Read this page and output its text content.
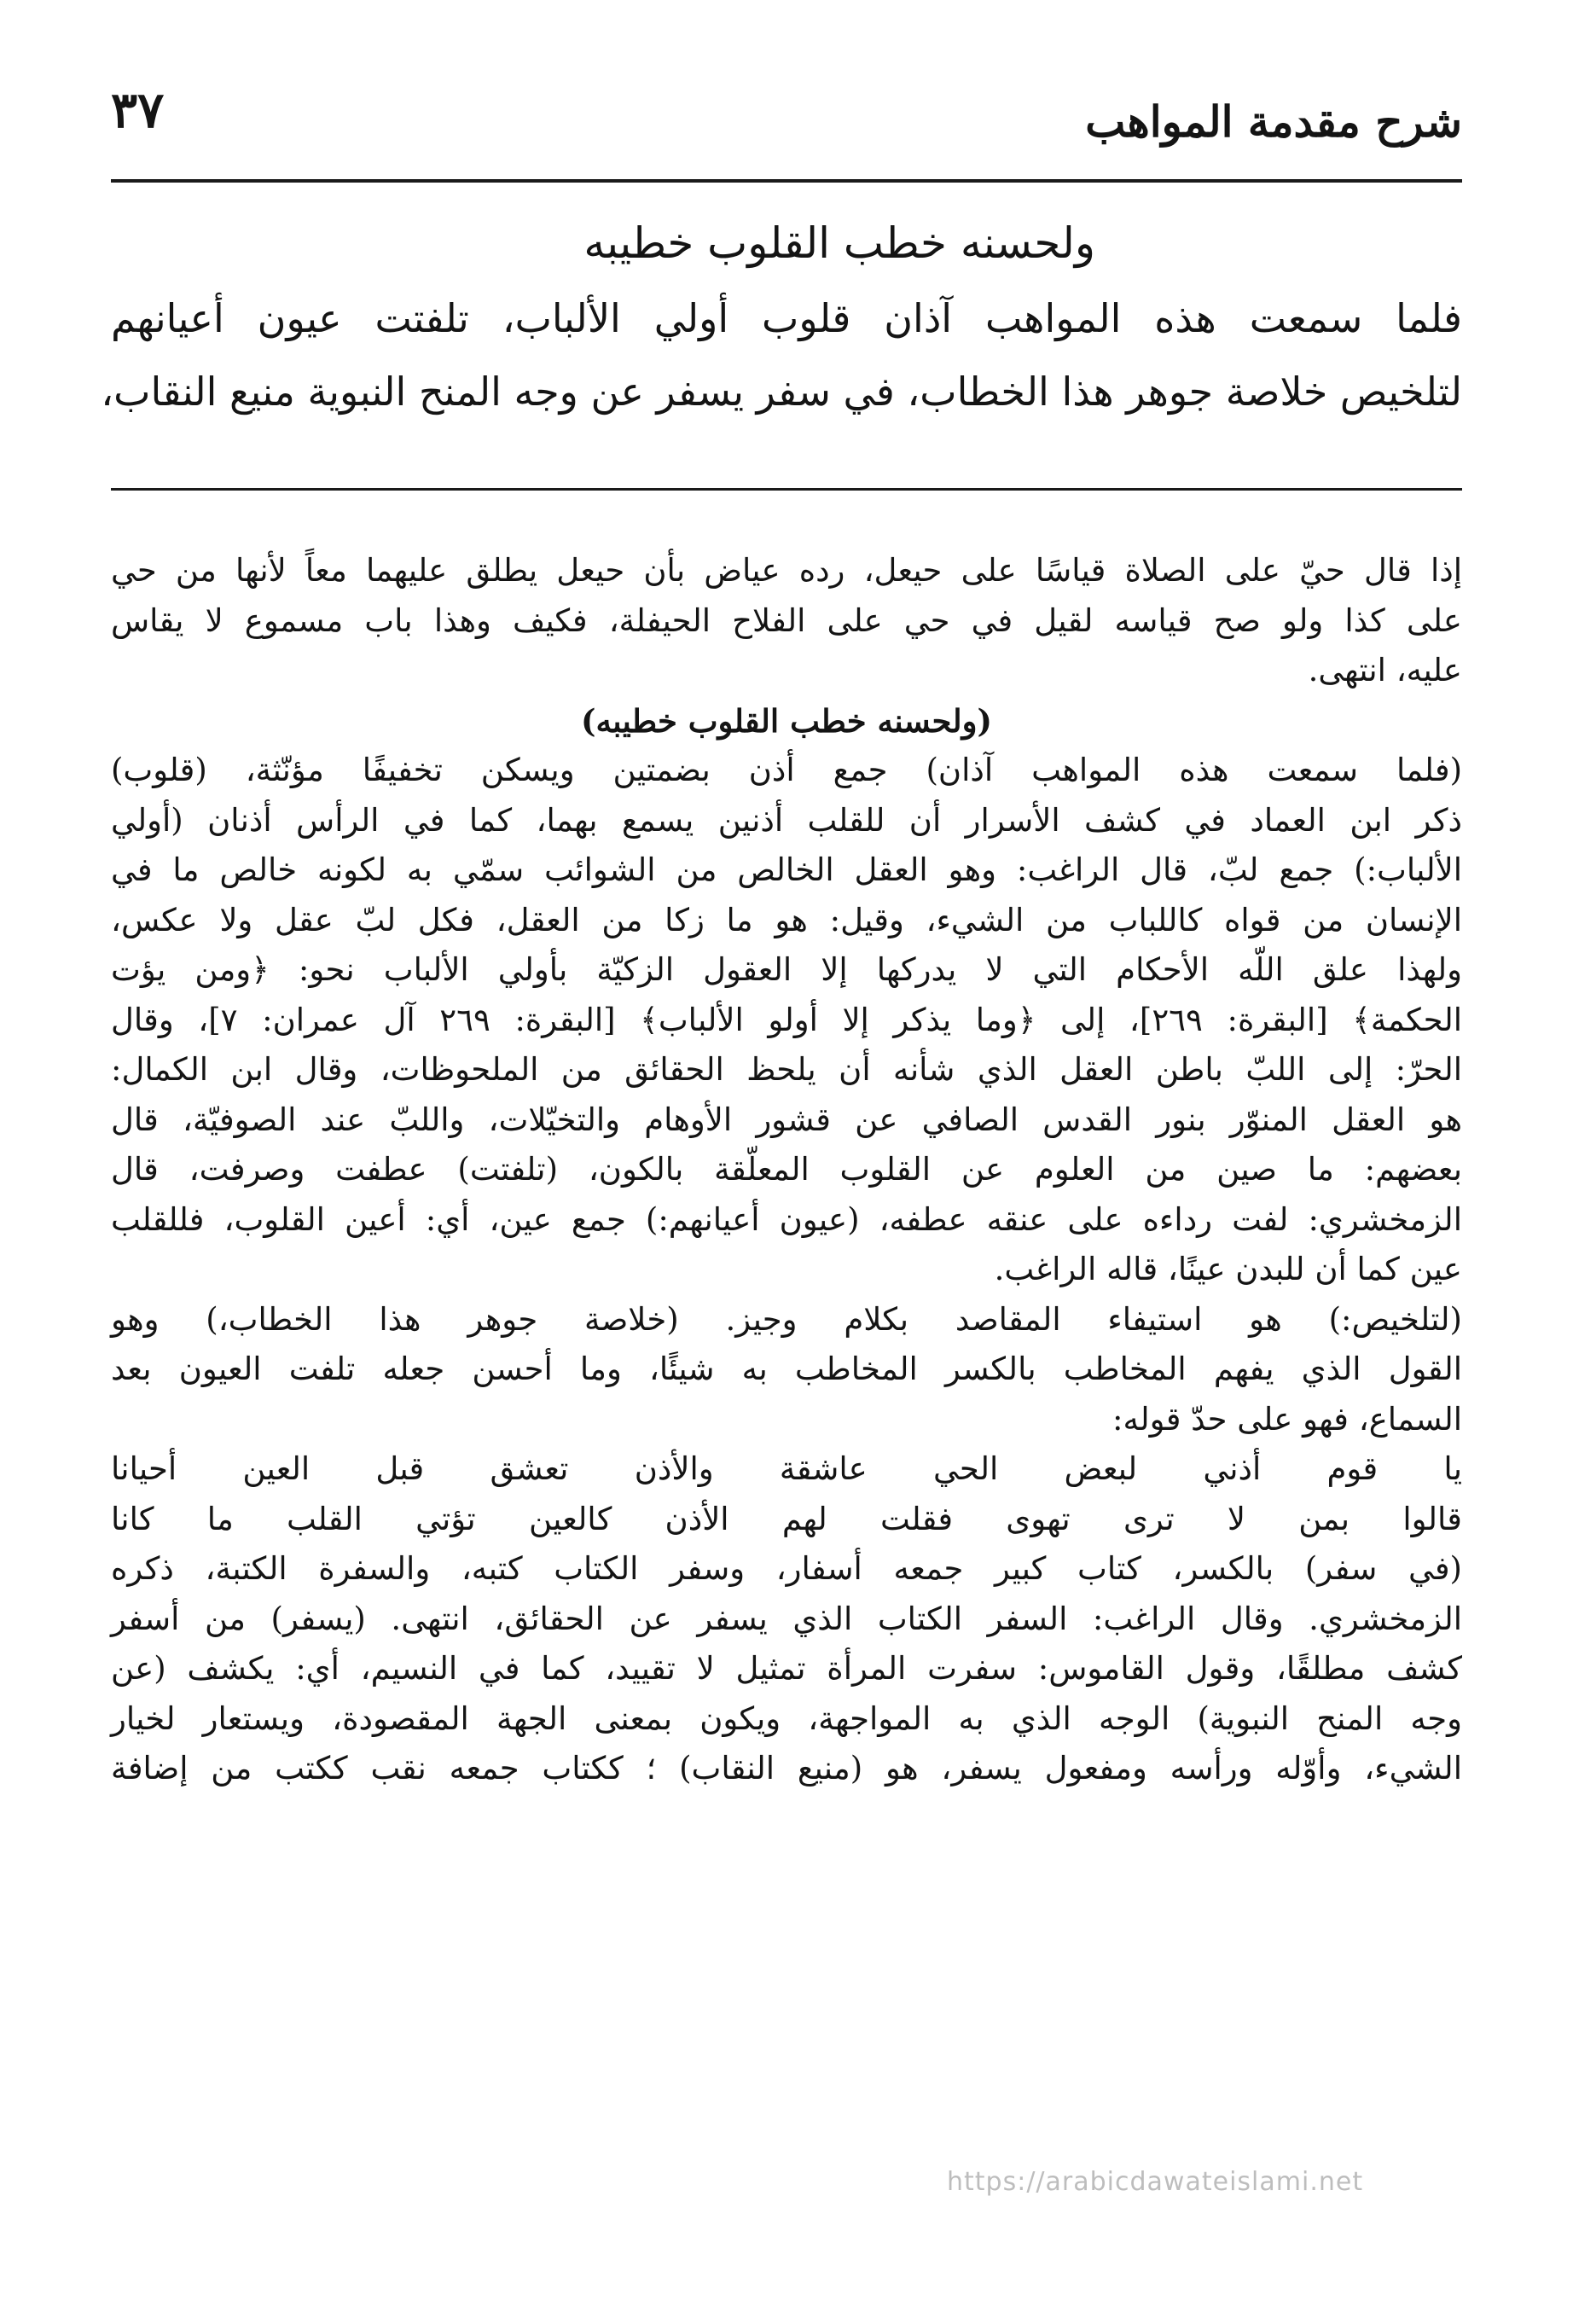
شرح مقدمة المواهب
٣٧
ولحسنه خطب القلوب خطيبه
فلما سمعت هذه المواهب آذان قلوب أولي الألباب، تلفتت عيون أعيانهم
لتلخيص خلاصة جوهر هذا الخطاب، في سفر يسفر عن وجه المنح النبوية منيع النقاب،
إذا قال حيّ على الصلاة قياسًا على حيعل، رده عياض بأن حيعل يطلق عليهما معاً لأنها من حي
على كذا ولو صح قياسه لقيل في حي على الفلاح الحيفلة، فكيف وهذا باب مسموع لا يقاس
عليه، انتهى.
(ولحسنه خطب القلوب خطيبه)
(فلما سمعت هذه المواهب آذان) جمع أذن بضمتين ويسكن تخفيفًا مؤنّثة، (قلوب)
ذكر ابن العماد في كشف الأسرار أن للقلب أذنين يسمع بهما، كما في الرأس أذنان (أولي
الألباب:) جمع لبّ، قال الراغب: وهو العقل الخالص من الشوائب سمّي به لكونه خالص ما في
الإنسان من قواه كاللباب من الشيء، وقيل: هو ما زكا من العقل، فكل لبّ عقل ولا عكس،
ولهذا علق اللّه الأحكام التي لا يدركها إلا العقول الزكيّة بأولي الألباب نحو: ﴿ومن يؤت
الحكمة﴾ [البقرة: ٢٦٩]، إلى ﴿وما يذكر إلا أولو الألباب﴾ [البقرة: ٢٦٩ آل عمران: ٧]، وقال
الحرّ: إلى اللبّ باطن العقل الذي شأنه أن يلحظ الحقائق من الملحوظات، وقال ابن الكمال:
هو العقل المنوّر بنور القدس الصافي عن قشور الأوهام والتخيّلات، واللبّ عند الصوفيّة، قال
بعضهم: ما صين من العلوم عن القلوب المعلّقة بالكون، (تلفتت) عطفت وصرفت، قال
الزمخشري: لفت رداءه على عنقه عطفه، (عيون أعيانهم:) جمع عين، أي: أعين القلوب، فللقلب
عين كما أن للبدن عينًا، قاله الراغب.
(لتلخيص:) هو استيفاء المقاصد بكلام وجيز. (خلاصة جوهر هذا الخطاب،) وهو
القول الذي يفهم المخاطب بالكسر المخاطب به شيئًا، وما أحسن جعله تلفت العيون بعد
السماع، فهو على حدّ قوله:
يا قوم أذني لبعض الحي عاشقة والأذن تعشق قبل العين أحيانا
قالوا بمن لا ترى تهوى فقلت لهم الأذن كالعين تؤتي القلب ما كانا
(في سفر) بالكسر، كتاب كبير جمعه أسفار، وسفر الكتاب كتبه، والسفرة الكتبة، ذكره
الزمخشري. وقال الراغب: السفر الكتاب الذي يسفر عن الحقائق، انتهى. (يسفر) من أسفر
كشف مطلقًا، وقول القاموس: سفرت المرأة تمثيل لا تقييد، كما في النسيم، أي: يكشف (عن
وجه المنح النبوية) الوجه الذي به المواجهة، ويكون بمعنى الجهة المقصودة، ويستعار لخيار
الشيء، وأوّله ورأسه ومفعول يسفر، هو (منيع النقاب) ؛ ككتاب جمعه نقب ككتب من إضافة
https://arabicdawateislami.net
